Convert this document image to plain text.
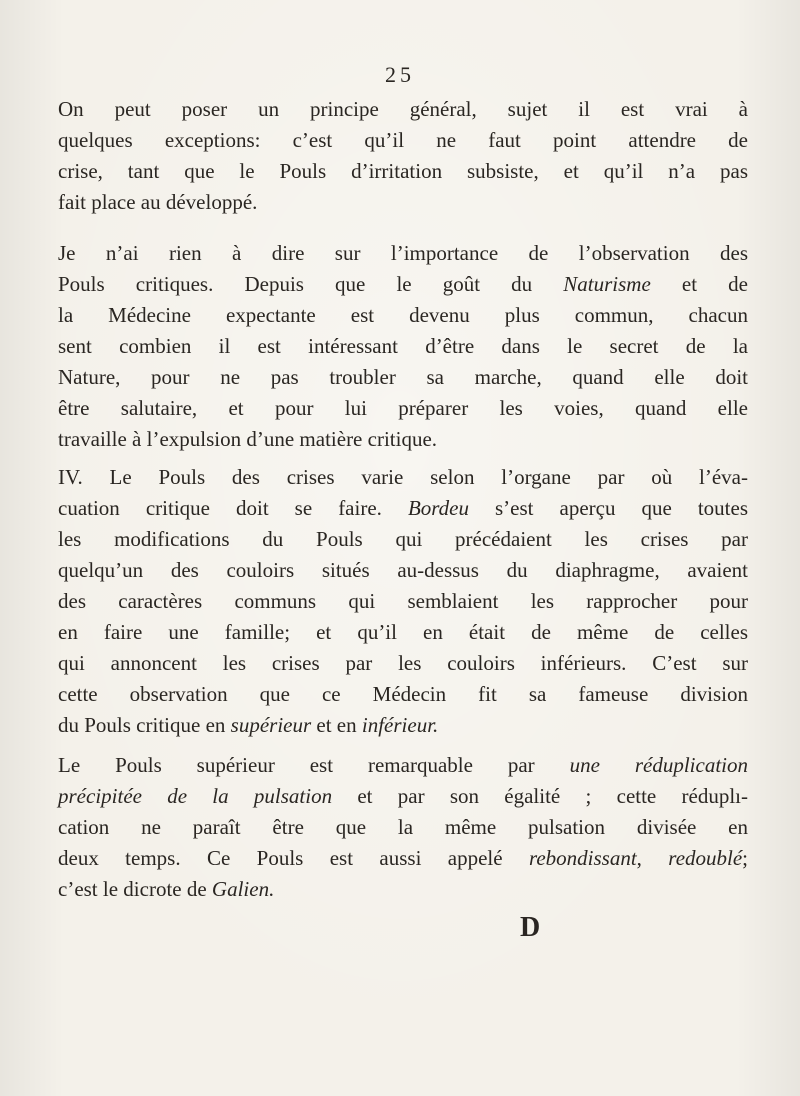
25
On peut poser un principe général, sujet il est vrai à
quelques exceptions: c’est qu’il ne faut point attendre de
crise, tant que le Pouls d’irritation subsiste, et qu’il n’a pas
fait place au développé.
Je n’ai rien à dire sur l’importance de l’observation des
Pouls critiques. Depuis que le goût du Naturisme et de
la Médecine expectante est devenu plus commun, chacun
sent combien il est intéressant d’être dans le secret de la
Nature, pour ne pas troubler sa marche, quand elle doit
être salutaire, et pour lui préparer les voies, quand elle
travaille à l’expulsion d’une matière critique.
IV. Le Pouls des crises varie selon l’organe par où l’éva-
cuation critique doit se faire. Bordeu s’est aperçu que toutes
les modifications du Pouls qui précédaient les crises par
quelqu’un des couloirs situés au-dessus du diaphragme, avaient
des caractères communs qui semblaient les rapprocher pour
en faire une famille; et qu’il en était de même de celles
qui annoncent les crises par les couloirs inférieurs. C’est sur
cette observation que ce Médecin fit sa fameuse division
du Pouls critique en supérieur et en inférieur.
Le Pouls supérieur est remarquable par une réduplication
précipitée de la pulsation et par son égalité ; cette réduplı-
cation ne paraît être que la même pulsation divisée en
deux temps. Ce Pouls est aussi appelé rebondissant, redoublé;
c’est le dicrote de Galien.
D
